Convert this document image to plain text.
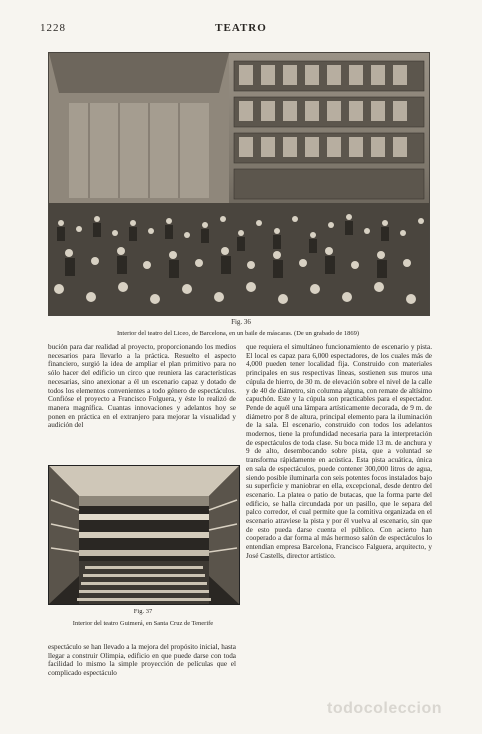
1228	TEATRO
Fig. 36
Interior del teatro del Liceo, de Barcelona, en un baile de máscaras. (De un grabado de 1869)

bución para dar realidad al proyecto, proporcionando los medios necesarios para llevarlo a la práctica. Resuelto el aspecto financiero, surgió la idea de ampliar el plan primitivo para no sólo hacer del edificio un circo que reuniera las características necesarias, sino anexionar a él un escenario capaz y dotado de todos los elementos convenientes a todo género de espectáculos. Confióse el proyecto a Francisco Folguera, y éste lo realizó de manera magnífica. Cuantas innovaciones y adelantos hoy se ponen en práctica en el extranjero para mejorar la visualidad y audición del

Fig. 37
Interior del teatro Guimerá, en Santa Cruz de Tenerife

que requiera el simultáneo funcionamiento de escenario y pista. El local es capaz para 6,000 espectadores, de los cuales más de 4,000 pueden tener localidad fija. Construido con materiales principales en sus respectivas líneas, sostienen sus muros una cúpula de hierro, de 30 m. de elevación sobre el nivel de la calle y de 40 de diámetro, sin columna alguna, con remate de altísimo capuchón. Este y la cúpula son practicables para el espectador. Pende de aquél una lámpara artísticamente decorada, de 9 m. de diámetro por 8 de altura, principal elemento para la iluminación de la sala. El escenario, construido con todos los adelantos modernos, tiene la profundidad necesaria para la interpretación de espectáculos de toda clase. Su boca mide 13 m. de anchura y 9 de alto, desembocando sobre pista, que a voluntad se transforma rápidamente en acústica. Esta pista acuática, única en sala de espectáculos, puede contener 300,000 litros de agua, siendo posible iluminarla con seis potentes focos instalados bajo su superficie y maniobrar en ella, excepcional, desde dentro del escenario. La platea o patio de butacas, que la forma parte del edificio, se halla circundada por un pasillo, que le separa del palco corredor, el cual permite que la comitiva organizada en el escenario atraviese la pista y por él vuelva al escenario, sin que de esto pueda darse cuenta el público. Con acierto han cooperado a dar forma al más hermoso salón de espectáculos lo entendían empresa Barcelona, Francisco Falguera, arquitecto, y José Castells, director artístico.

espectáculo se han llevado a la mejora del propósito inicial, hasta llegar a construir Olimpia, edificio en que puede darse con toda facilidad lo mismo la simple proyección de películas que el complicado espectáculo

todocoleccion
